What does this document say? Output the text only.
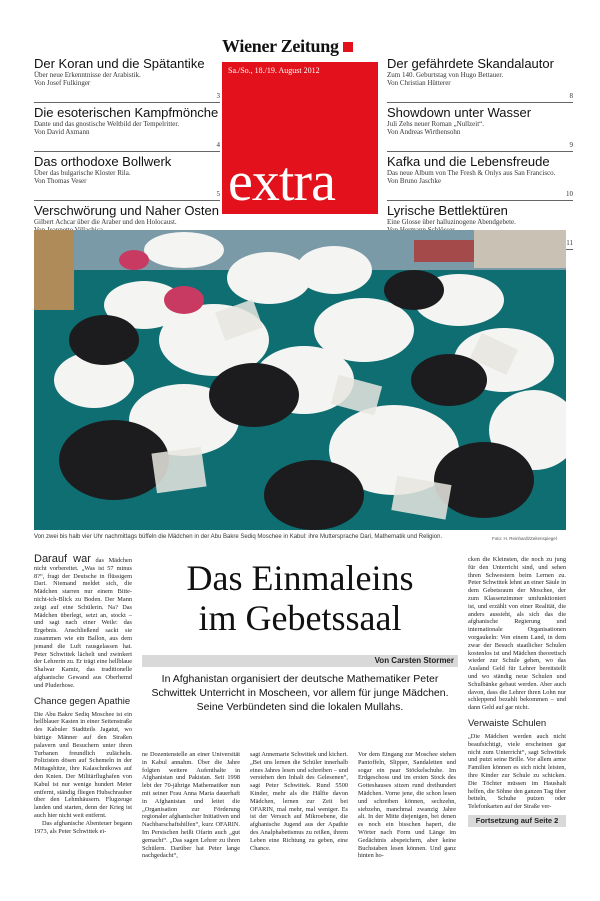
Der Koran und die Spätantike
Über neue Erkenntnisse der Arabistik.
Von Josef Fulkinger
3
Die esoterischen Kampfmönche
Dante und das gnostische Weltbild der Tempelritter.
Von David Axmann
4
Das orthodoxe Bollwerk
Über das bulgarische Kloster Rila.
Von Thomas Veser
5
Verschwörung und Naher Osten
Gilbert Achcar über die Araber und den Holocaust.
Der gefährdete Skandalautor
Zum 140. Geburtstag von Hugo Bettauer.
Von Christian Hütterer
8
Showdown unter Wasser
Juli Zehs neuer Roman „Nullzeit“.
Von Andreas Wirthensohn
9
Kafka und die Lebensfreude
Das neue Album von The Fresh & Onlys aus San Francisco.
Von Bruno Jaschke
10
Lyrische Bettlektüren
Eine Glosse über halluzinogene Abendgebete.
11
Wiener Zeitung
Sa./So., 18./19. August 2012
extra
Von zwei bis halb vier Uhr nachmittags büffeln die Mädchen in der Abu Bakre Sediq Moschee in Kabul: ihre Muttersprache Dari, Mathematik und Religion.	Foto: H. Reinhardt/Zeitenspiegel
Das Einmaleins
im Gebetssaal
Von Carsten Stormer
In Afghanistan organisiert der deutsche Mathematiker Peter Schwittek Unterricht in Moscheen, vor allem für junge Mädchen. Seine Verbündeten sind die lokalen Mullahs.
Darauf war das Mädchen nicht vorbereitet. „Was ist 57 minus 8?“, fragt der Deutsche in flüssigem Dari. Niemand meldet sich, die Mädchen starren nur einem Bitte-nicht-ich-Blick zu Boden. Der Mann zeigt auf eine Schülerin. Na? Das Mädchen überlegt, setzt an, stockt – und sagt nach einer Weile: das Ergebnis. Anschließend sackt sie zusammen wie ein Ballon, aus dem jemand die Luft rausgelassen hat. Peter Schwittek lächelt und zwinkert der Lehrerin zu. Er trägt eine hellblaue Shalwar Kamiz, das traditionelle afghanische Gewand aus Oberhemd und Pluderhose.
Chance gegen Apathie
Die Abu Bakre Sediq Moschee ist ein hellblauer Kasten in einer Seitenstraße des Kabuler Stadtteils Jagatut, wo bärtige Männer auf den Straßen palavern und Besuchern unter ihren Turbanen freundlich zulächeln. Polizisten dösen auf Schemeln in der Mittagshitze, ihre Kalaschnikows auf den Knien. Der Militärflughafen von Kabul ist nur wenige hundert Meter entfernt, ständig fliegen Hubschrauber über den Lehmhäusern. Flugzeuge landen und starten, denn der Krieg ist auch hier nicht weit entfernt.
Das afghanische Abenteuer begann 1973, als Peter Schwittek ei-
ne Dozentenstelle an einer Universität in Kabul annahm. Über die Jahre folgten weitere Aufenthalte in Afghanistan und Pakistan. Seit 1998 lebt der 70-jährige Mathematiker nun mit seiner Frau Anna Maria dauerhaft in Afghanistan und leitet die „Organisation zur Förderung regionaler afghanischer Initiativen und Nachbarschaftshilfen“, kurz OFARIN. Im Persischen heißt Ofarin auch „gut gemacht“. „Das sagen Lehrer zu ihren Schülern. Darüber hat Peter lange nachgedacht“,
sagt Annemarie Schwittek und kichert. „Bei uns lernen die Schüler innerhalb eines Jahres lesen und schreiben – und verstehen den Inhalt des Gelesenen“, sagt Peter Schwittek. Rund 5500 Kinder, mehr als die Hälfte davon Mädchen, lernen zur Zeit bei OFARIN, mal mehr, mal weniger. Es ist der Versuch auf Mikroebene, die afghanische Jugend aus der Apathie des Analphabetismus zu reißen, ihrem Leben eine Richtung zu geben, eine Chance.
Vor dem Eingang zur Moschee stehen Pantoffeln, Slipper, Sandaletten und sogar ein paar Stöckelschuhe. Im Erdgeschoss und im ersten Stock des Gotteshauses sitzen rund dreihundert Mädchen. Vorne jene, die schon lesen und schreiben können, sechzehn, siebzehn, manchmal zwanzig Jahre alt. In der Mitte diejenigen, bei denen es noch ein bisschen hapert, die Wörter nach Form und Länge im Gedächtnis abspeichern, aber keine Buchstaben lesen können. Und ganz hinten ho-
cken die Kleinsten, die noch zu jung für den Unterricht sind, und sehen ihren Schwestern beim Lernen zu. Peter Schwittek lehnt an einer Säule in dem Gebetsraum der Moschee, der zum Klassenzimmer umfunktioniert ist, und erzählt von einer Realität, die anders aussieht, als sich das die afghanische Regierung und internationale Organisationen vorgaukeln: Von einem Land, in dem zwar der Besuch staatlicher Schulen kostenlos ist und Mädchen theoretisch wieder zur Schule gehen, wo das Ausland Geld für Lehrer bereitstellt und wo ständig neue Schulen und Schulbänke gebaut werden. Aber auch davon, dass die Lehrer ihren Lohn nur schleppend bezahlt bekommen – und dann Geld auf gar nicht.
Verwaiste Schulen
„Die Mädchen werden auch nicht beaufsichtigt, viele erscheinen gar nicht zum Unterricht“, sagt Schwittek und putzt seine Brille. Vor allem arme Familien können es sich nicht leisten, ihre Kinder zur Schule zu schicken. Die Töchter müssen im Haushalt helfen, die Söhne den ganzen Tag über betteln, Schuhe putzen oder Telefonkarten auf der Straße ver-
Fortsetzung auf Seite 2
